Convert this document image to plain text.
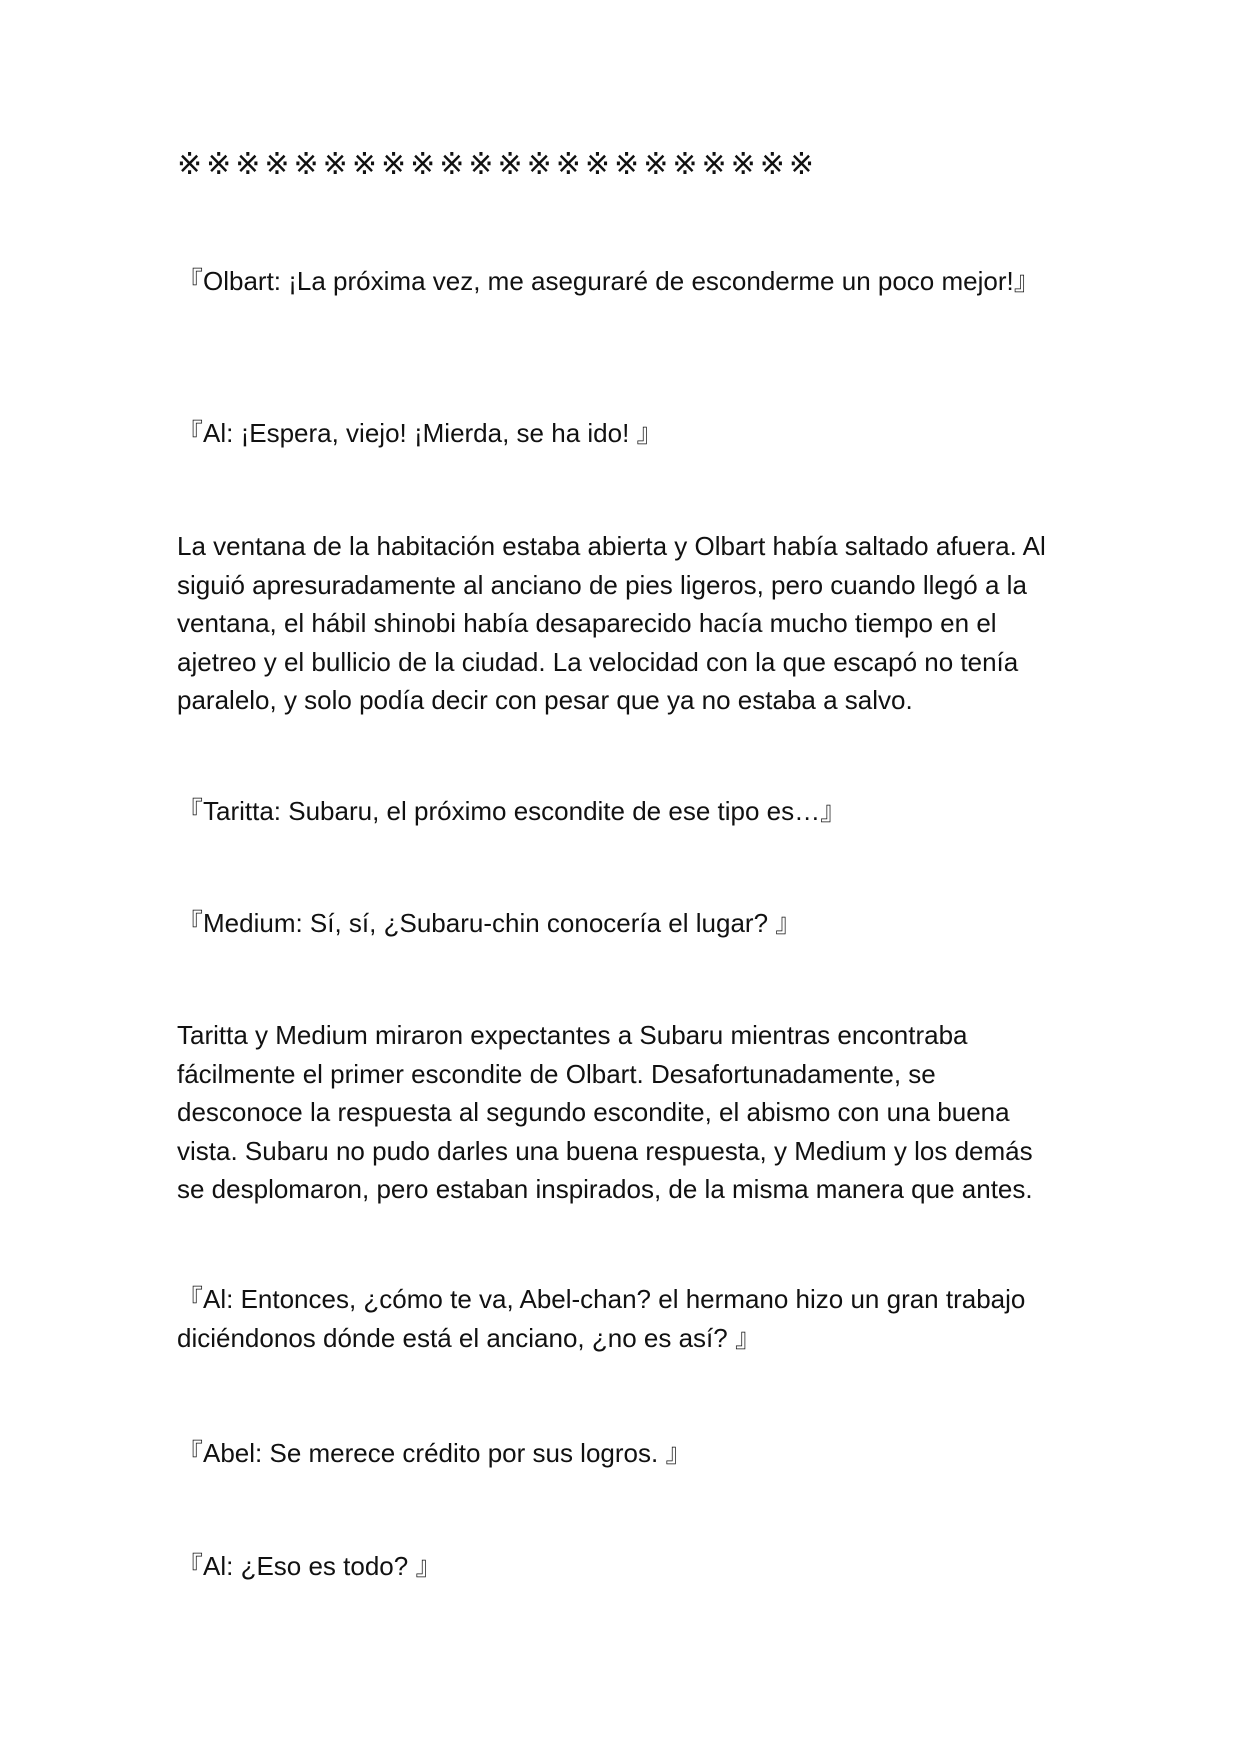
※※※※※※※※※※※※※※※※※※※※※※

『Olbart: ¡La próxima vez, me aseguraré de esconderme un poco mejor!』

『Al: ¡Espera, viejo! ¡Mierda, se ha ido! 』

La ventana de la habitación estaba abierta y Olbart había saltado afuera. Al siguió apresuradamente al anciano de pies ligeros, pero cuando llegó a la ventana, el hábil shinobi había desaparecido hacía mucho tiempo en el ajetreo y el bullicio de la ciudad. La velocidad con la que escapó no tenía paralelo, y solo podía decir con pesar que ya no estaba a salvo.

『Taritta: Subaru, el próximo escondite de ese tipo es…』

『Medium: Sí, sí, ¿Subaru-chin conocería el lugar? 』

Taritta y Medium miraron expectantes a Subaru mientras encontraba fácilmente el primer escondite de Olbart. Desafortunadamente, se desconoce la respuesta al segundo escondite, el abismo con una buena vista. Subaru no pudo darles una buena respuesta, y Medium y los demás se desplomaron, pero estaban inspirados, de la misma manera que antes.

『Al: Entonces, ¿cómo te va, Abel-chan? el hermano hizo un gran trabajo diciéndonos dónde está el anciano, ¿no es así? 』

『Abel: Se merece crédito por sus logros. 』

『Al: ¿Eso es todo? 』
